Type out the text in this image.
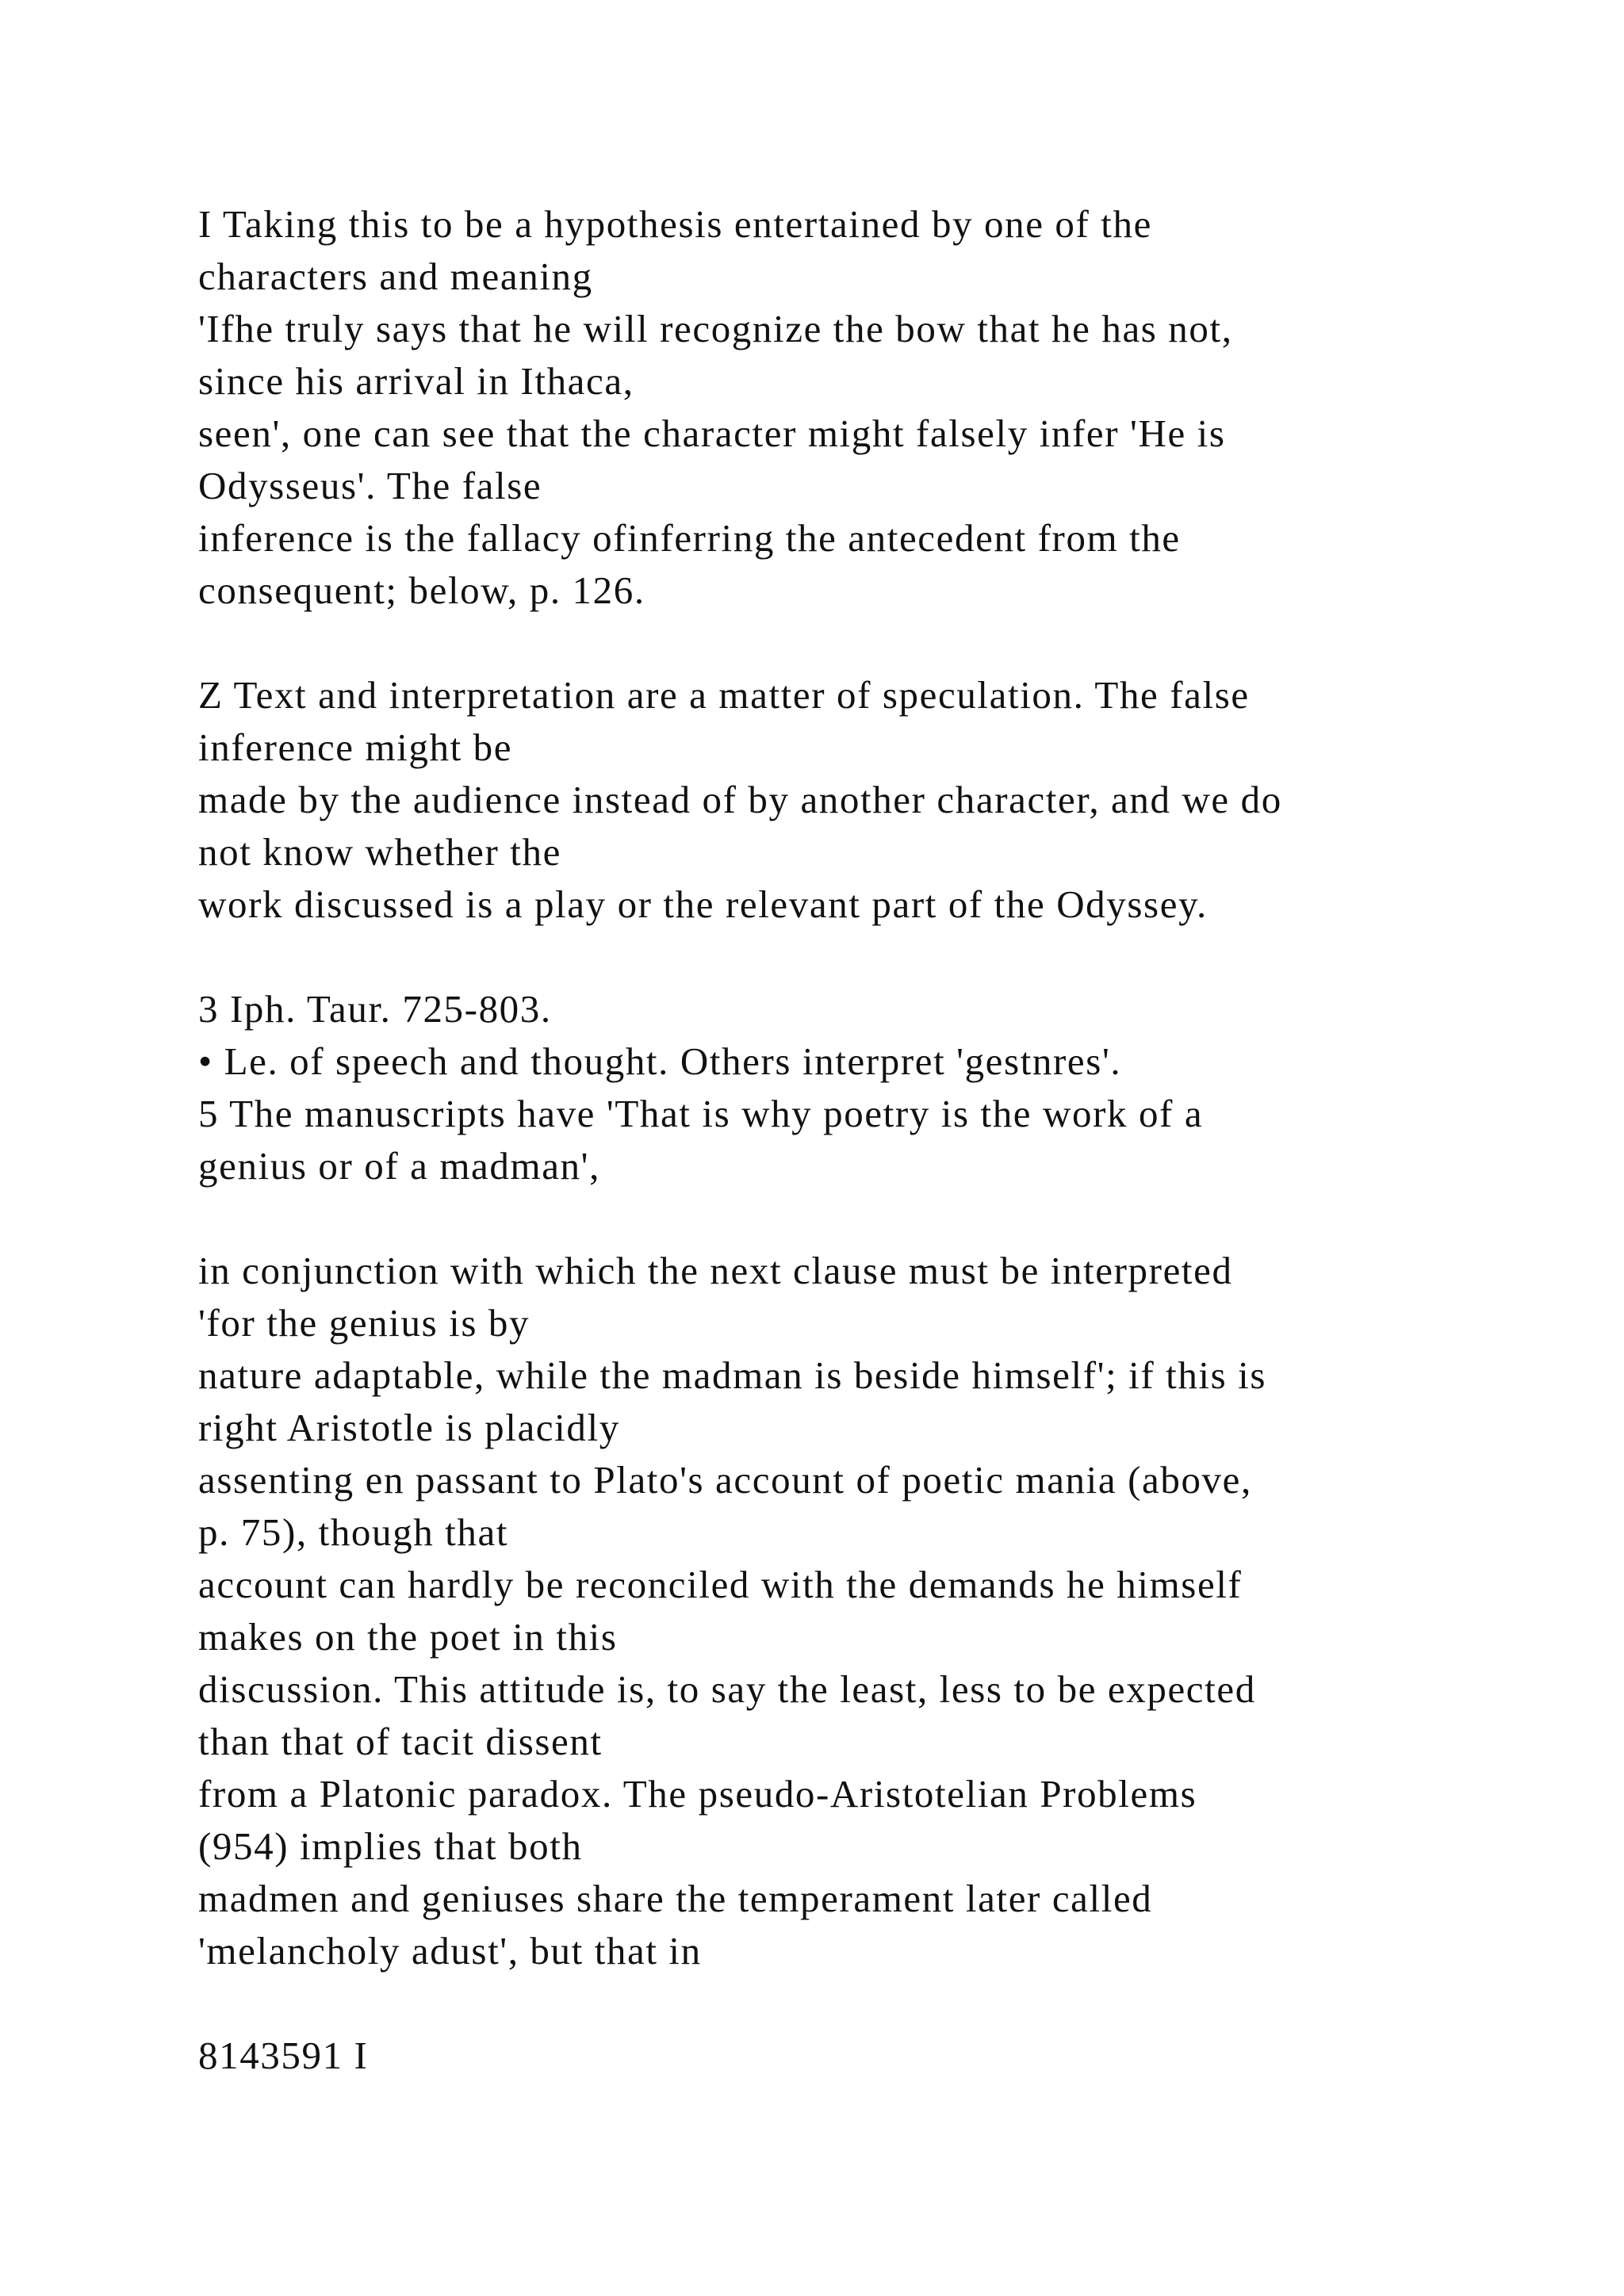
I Taking this to be a hypothesis entertained by one of the
characters and meaning
'Ifhe truly says that he will recognize the bow that he has not,
since his arrival in Ithaca,
seen', one can see that the character might falsely infer 'He is
Odysseus'. The false
inference is the fallacy ofinferring the antecedent from the
consequent; below, p. 126.
Z Text and interpretation are a matter of speculation. The false
inference might be
made by the audience instead of by another character, and we do
not know whether the
work discussed is a play or the relevant part of the Odyssey.
3 Iph. Taur. 725-803.
• Le. of speech and thought. Others interpret 'gestnres'.
5 The manuscripts have 'That is why poetry is the work of a
genius or of a madman',
in conjunction with which the next clause must be interpreted
'for the genius is by
nature adaptable, while the madman is beside himself'; if this is
right Aristotle is placidly
assenting en passant to Plato's account of poetic mania (above,
p. 75), though that
account can hardly be reconciled with the demands he himself
makes on the poet in this
discussion. This attitude is, to say the least, less to be expected
than that of tacit dissent
from a Platonic paradox. The pseudo-Aristotelian Problems
(954) implies that both
madmen and geniuses share the temperament later called
'melancholy adust', but that in
8143591 I
